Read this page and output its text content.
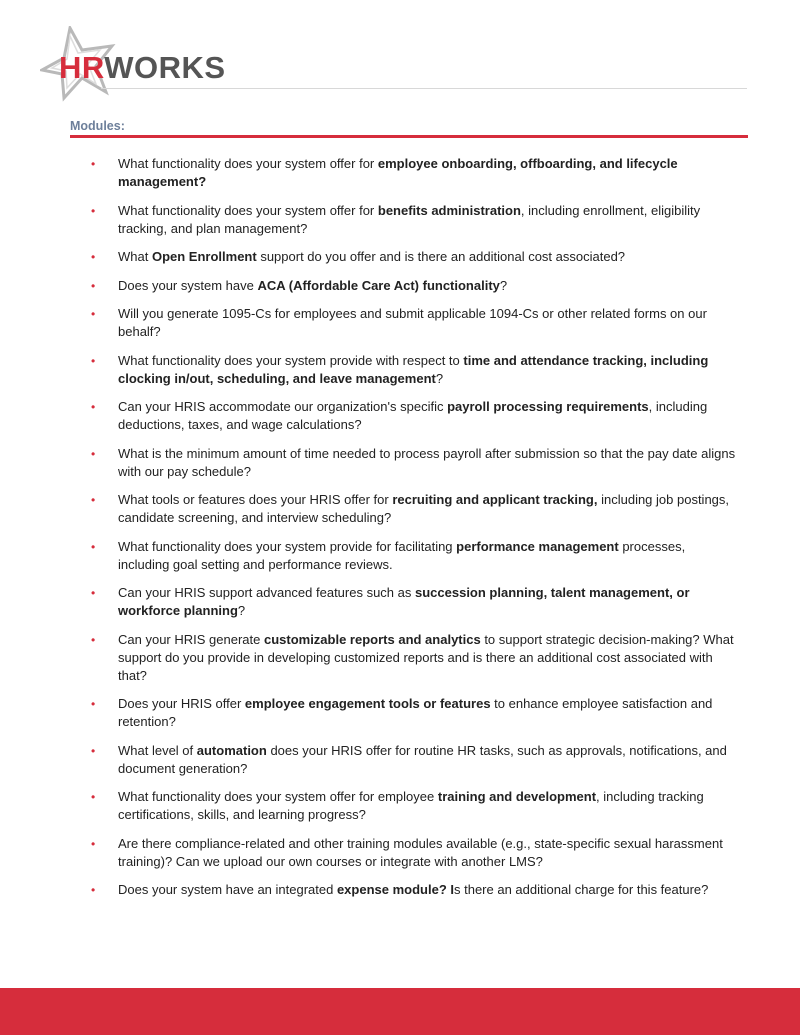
HRWORKS
Modules:
• What functionality does your system offer for employee onboarding, offboarding, and lifecycle management?
• What functionality does your system offer for benefits administration, including enrollment, eligibility tracking, and plan management?
• What Open Enrollment support do you offer and is there an additional cost associated?
• Does your system have ACA (Affordable Care Act) functionality?
• Will you generate 1095-Cs for employees and submit applicable 1094-Cs or other related forms on our behalf?
• What functionality does your system provide with respect to time and attendance tracking, including clocking in/out, scheduling, and leave management?
• Can your HRIS accommodate our organization's specific payroll processing requirements, including deductions, taxes, and wage calculations?
• What is the minimum amount of time needed to process payroll after submission so that the pay date aligns with our pay schedule?
• What tools or features does your HRIS offer for recruiting and applicant tracking, including job postings, candidate screening, and interview scheduling?
• What functionality does your system provide for facilitating performance management processes, including goal setting and performance reviews.
• Can your HRIS support advanced features such as succession planning, talent management, or workforce planning?
• Can your HRIS generate customizable reports and analytics to support strategic decision-making? What support do you provide in developing customized reports and is there an additional cost associated with that?
• Does your HRIS offer employee engagement tools or features to enhance employee satisfaction and retention?
• What level of automation does your HRIS offer for routine HR tasks, such as approvals, notifications, and document generation?
• What functionality does your system offer for employee training and development, including tracking certifications, skills, and learning progress?
• Are there compliance-related and other training modules available (e.g., state-specific sexual harassment training)? Can we upload our own courses or integrate with another LMS?
• Does your system have an integrated expense module? Is there an additional charge for this feature?
